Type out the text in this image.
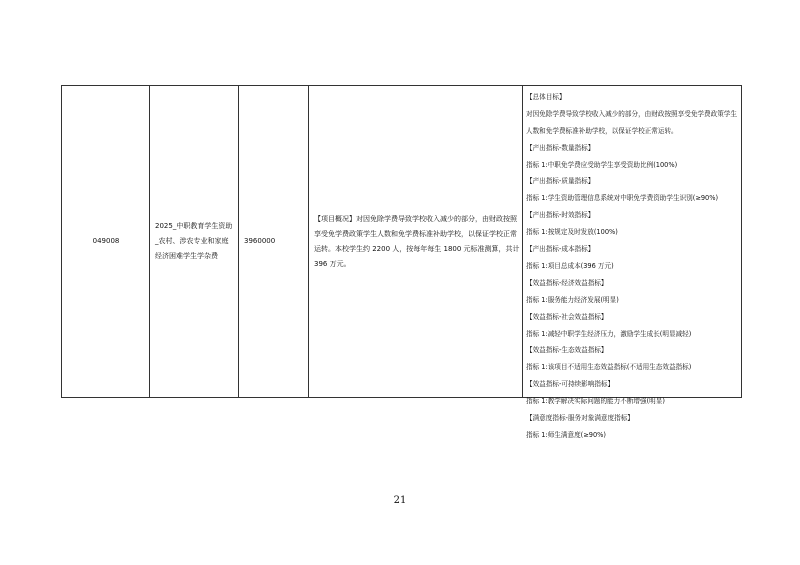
049008
2025_中职教育学生资助_农村、涉农专业和家庭经济困难学生学杂费
3960000
【项目概况】对因免除学费导致学校收入减少的部分，由财政按照享受免学费政策学生人数和免学费标准补助学校，以保证学校正常运转。本校学生约 2200 人，按每年每生 1800 元标准测算，共计 396 万元。
【总体目标】
对因免除学费导致学校收入减少的部分，由财政按照享受免学费政策学生人数和免学费标准补助学校，以保证学校正常运转。
【产出指标-数量指标】
指标 1:中职免学费应受助学生享受资助比例(100%)
【产出指标-质量指标】
指标 1:学生资助管理信息系统对中职免学费资助学生识别(≥90%)
【产出指标-时效指标】
指标 1:按规定及时发放(100%)
【产出指标-成本指标】
指标 1:项目总成本(396 万元)
【效益指标-经济效益指标】
指标 1:服务能力经济发展(明显)
【效益指标-社会效益指标】
指标 1:减轻中职学生经济压力，激励学生成长(明显减轻)
【效益指标-生态效益指标】
指标 1:该项目不适用生态效益指标(不适用生态效益指标)
【效益指标-可持续影响指标】
指标 1:教学解决实际问题的能力不断增强(明显)
【满意度指标-服务对象满意度指标】
指标 1:师生满意度(≥90%)
21
